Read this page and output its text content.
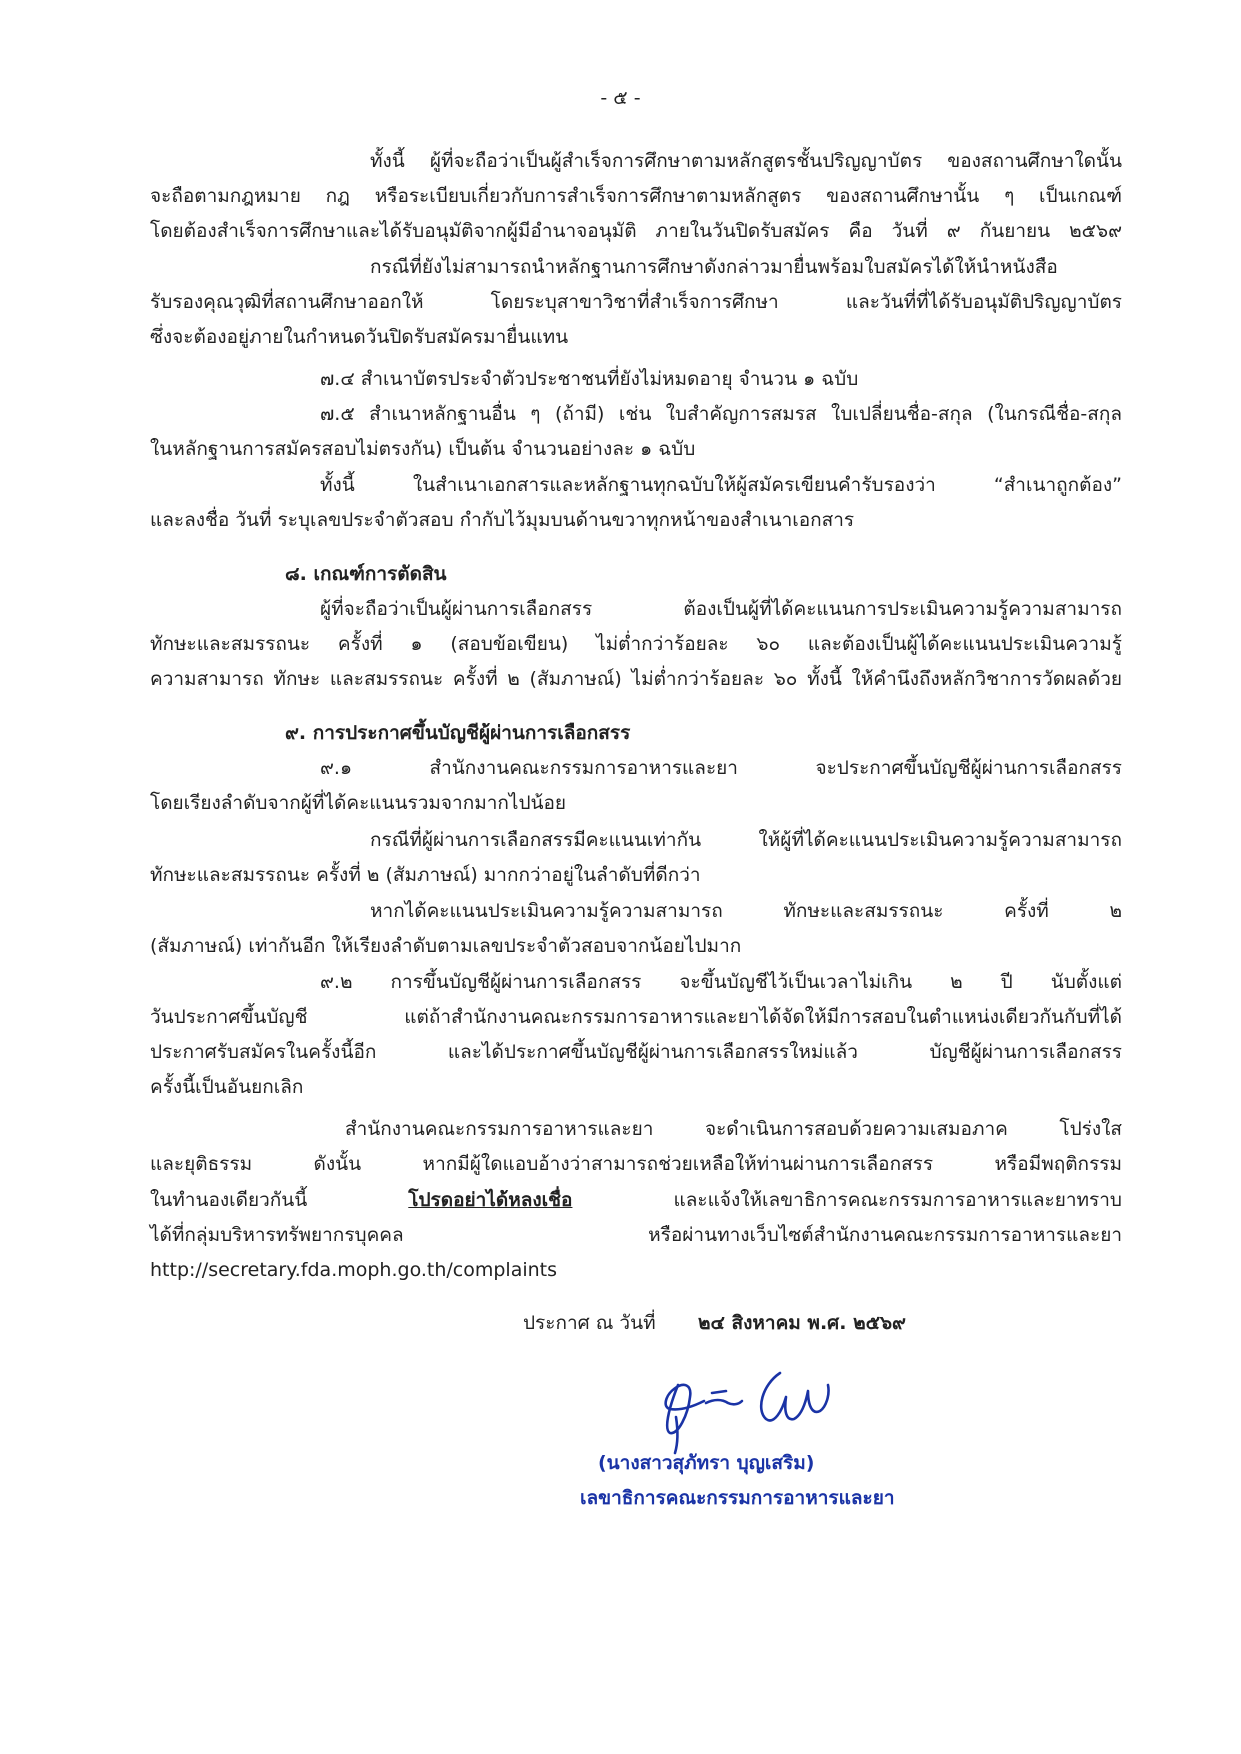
- ๕ -
ทั้งนี้ ผู้ที่จะถือว่าเป็นผู้สำเร็จการศึกษาตามหลักสูตรชั้นปริญญาบัตร ของสถานศึกษาใดนั้น
จะถือตามกฎหมาย กฎ หรือระเบียบเกี่ยวกับการสำเร็จการศึกษาตามหลักสูตร ของสถานศึกษานั้น ๆ เป็นเกณฑ์
โดยต้องสำเร็จการศึกษาและได้รับอนุมัติจากผู้มีอำนาจอนุมัติ ภายในวันปิดรับสมัคร คือ วันที่ ๙ กันยายน ๒๕๖๙
กรณีที่ยังไม่สามารถนำหลักฐานการศึกษาดังกล่าวมายื่นพร้อมใบสมัครได้ให้นำหนังสือ
รับรองคุณวุฒิที่สถานศึกษาออกให้ โดยระบุสาขาวิชาที่สำเร็จการศึกษา และวันที่ที่ได้รับอนุมัติปริญญาบัตร
ซึ่งจะต้องอยู่ภายในกำหนดวันปิดรับสมัครมายื่นแทน
๗.๔ สำเนาบัตรประจำตัวประชาชนที่ยังไม่หมดอายุ จำนวน ๑ ฉบับ
๗.๕ สำเนาหลักฐานอื่น ๆ (ถ้ามี) เช่น ใบสำคัญการสมรส ใบเปลี่ยนชื่อ-สกุล (ในกรณีชื่อ-สกุล
ในหลักฐานการสมัครสอบไม่ตรงกัน) เป็นต้น จำนวนอย่างละ ๑ ฉบับ
ทั้งนี้ ในสำเนาเอกสารและหลักฐานทุกฉบับให้ผู้สมัครเขียนคำรับรองว่า “สำเนาถูกต้อง”
และลงชื่อ วันที่ ระบุเลขประจำตัวสอบ กำกับไว้มุมบนด้านขวาทุกหน้าของสำเนาเอกสาร
๘. เกณฑ์การตัดสิน
ผู้ที่จะถือว่าเป็นผู้ผ่านการเลือกสรร ต้องเป็นผู้ที่ได้คะแนนการประเมินความรู้ความสามารถ
ทักษะและสมรรถนะ ครั้งที่ ๑ (สอบข้อเขียน) ไม่ต่ำกว่าร้อยละ ๖๐ และต้องเป็นผู้ได้คะแนนประเมินความรู้
ความสามารถ ทักษะ และสมรรถนะ ครั้งที่ ๒ (สัมภาษณ์) ไม่ต่ำกว่าร้อยละ ๖๐ ทั้งนี้ ให้คำนึงถึงหลักวิชาการวัดผลด้วย
๙. การประกาศขึ้นบัญชีผู้ผ่านการเลือกสรร
๙.๑ สำนักงานคณะกรรมการอาหารและยา จะประกาศขึ้นบัญชีผู้ผ่านการเลือกสรร
โดยเรียงลำดับจากผู้ที่ได้คะแนนรวมจากมากไปน้อย
กรณีที่ผู้ผ่านการเลือกสรรมีคะแนนเท่ากัน ให้ผู้ที่ได้คะแนนประเมินความรู้ความสามารถ
ทักษะและสมรรถนะ ครั้งที่ ๒ (สัมภาษณ์) มากกว่าอยู่ในลำดับที่ดีกว่า
หากได้คะแนนประเมินความรู้ความสามารถ ทักษะและสมรรถนะ ครั้งที่ ๒
(สัมภาษณ์) เท่ากันอีก ให้เรียงลำดับตามเลขประจำตัวสอบจากน้อยไปมาก
๙.๒ การขึ้นบัญชีผู้ผ่านการเลือกสรร จะขึ้นบัญชีไว้เป็นเวลาไม่เกิน ๒ ปี นับตั้งแต่
วันประกาศขึ้นบัญชี แต่ถ้าสำนักงานคณะกรรมการอาหารและยาได้จัดให้มีการสอบในตำแหน่งเดียวกันกับที่ได้
ประกาศรับสมัครในครั้งนี้อีก และได้ประกาศขึ้นบัญชีผู้ผ่านการเลือกสรรใหม่แล้ว บัญชีผู้ผ่านการเลือกสรร
ครั้งนี้เป็นอันยกเลิก
สำนักงานคณะกรรมการอาหารและยา จะดำเนินการสอบด้วยความเสมอภาค โปร่งใส
และยุติธรรม ดังนั้น หากมีผู้ใดแอบอ้างว่าสามารถช่วยเหลือให้ท่านผ่านการเลือกสรร หรือมีพฤติกรรม
ในทำนองเดียวกันนี้	โปรดอย่าได้หลงเชื่อ	และแจ้งให้เลขาธิการคณะกรรมการอาหารและยาทราบ
ได้ที่กลุ่มบริหารทรัพยากรบุคคล หรือผ่านทางเว็บไซต์สำนักงานคณะกรรมการอาหารและยา
http://secretary.fda.moph.go.th/complaints
ประกาศ ณ วันที่ ๒๔ สิงหาคม พ.ศ. ๒๕๖๙
(นางสาวสุภัทรา บุญเสริม)
เลขาธิการคณะกรรมการอาหารและยา
